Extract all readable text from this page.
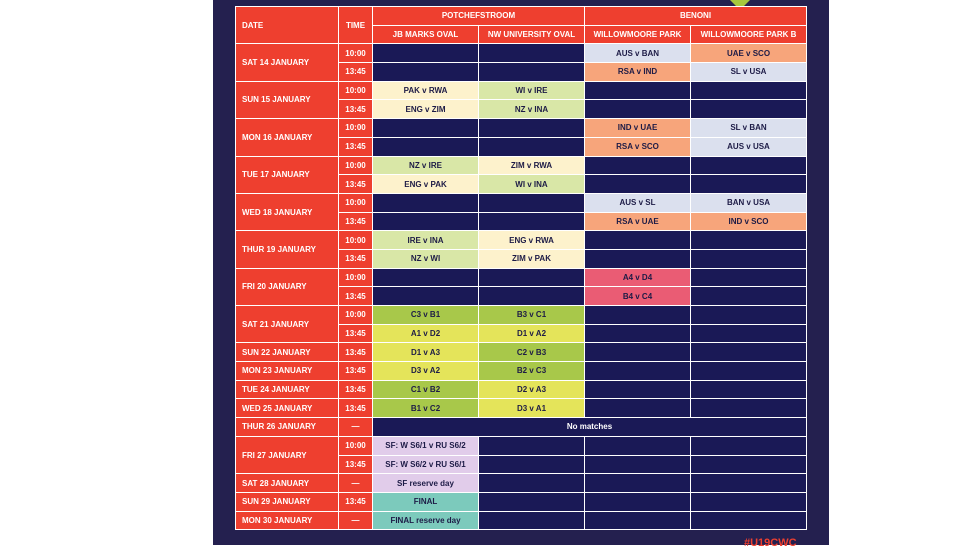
DATE	TIME	POTCHEFSTROOM		BENONI	
		JB MARKS OVAL	NW UNIVERSITY OVAL	WILLOWMOORE PARK	WILLOWMOORE PARK B
SAT 14 JANUARY	10:00			AUS v BAN	UAE v SCO
	13:45			RSA v IND	SL v USA
SUN 15 JANUARY	10:00	PAK v RWA	WI v IRE		
	13:45	ENG v ZIM	NZ v INA		
MON 16 JANUARY	10:00			IND v UAE	SL v BAN
	13:45			RSA v SCO	AUS v USA
TUE 17 JANUARY	10:00	NZ v IRE	ZIM v RWA		
	13:45	ENG v PAK	WI v INA		
WED 18 JANUARY	10:00			AUS v SL	BAN v USA
	13:45			RSA v UAE	IND v SCO
THUR 19 JANUARY	10:00	IRE v INA	ENG v RWA		
	13:45	NZ v WI	ZIM v PAK		
FRI 20 JANUARY	10:00			A4 v D4	
	13:45			B4 v C4	
SAT 21 JANUARY	10:00	C3 v B1	B3 v C1		
	13:45	A1 v D2	D1 v A2		
SUN 22 JANUARY	13:45	D1 v A3	C2 v B3		
MON 23 JANUARY	13:45	D3 v A2	B2 v C3		
TUE 24 JANUARY	13:45	C1 v B2	D2 v A3		
WED 25 JANUARY	13:45	B1 v C2	D3 v A1		
THUR 26 JANUARY	—	No matches			
FRI 27 JANUARY	10:00	SF: W S6/1 v RU S6/2			
	13:45	SF: W S6/2 v RU S6/1			
SAT 28 JANUARY	—	SF reserve day			
SUN 29 JANUARY	13:45	FINAL			
MON 30 JANUARY	—	FINAL reserve day			
#U19CWC
